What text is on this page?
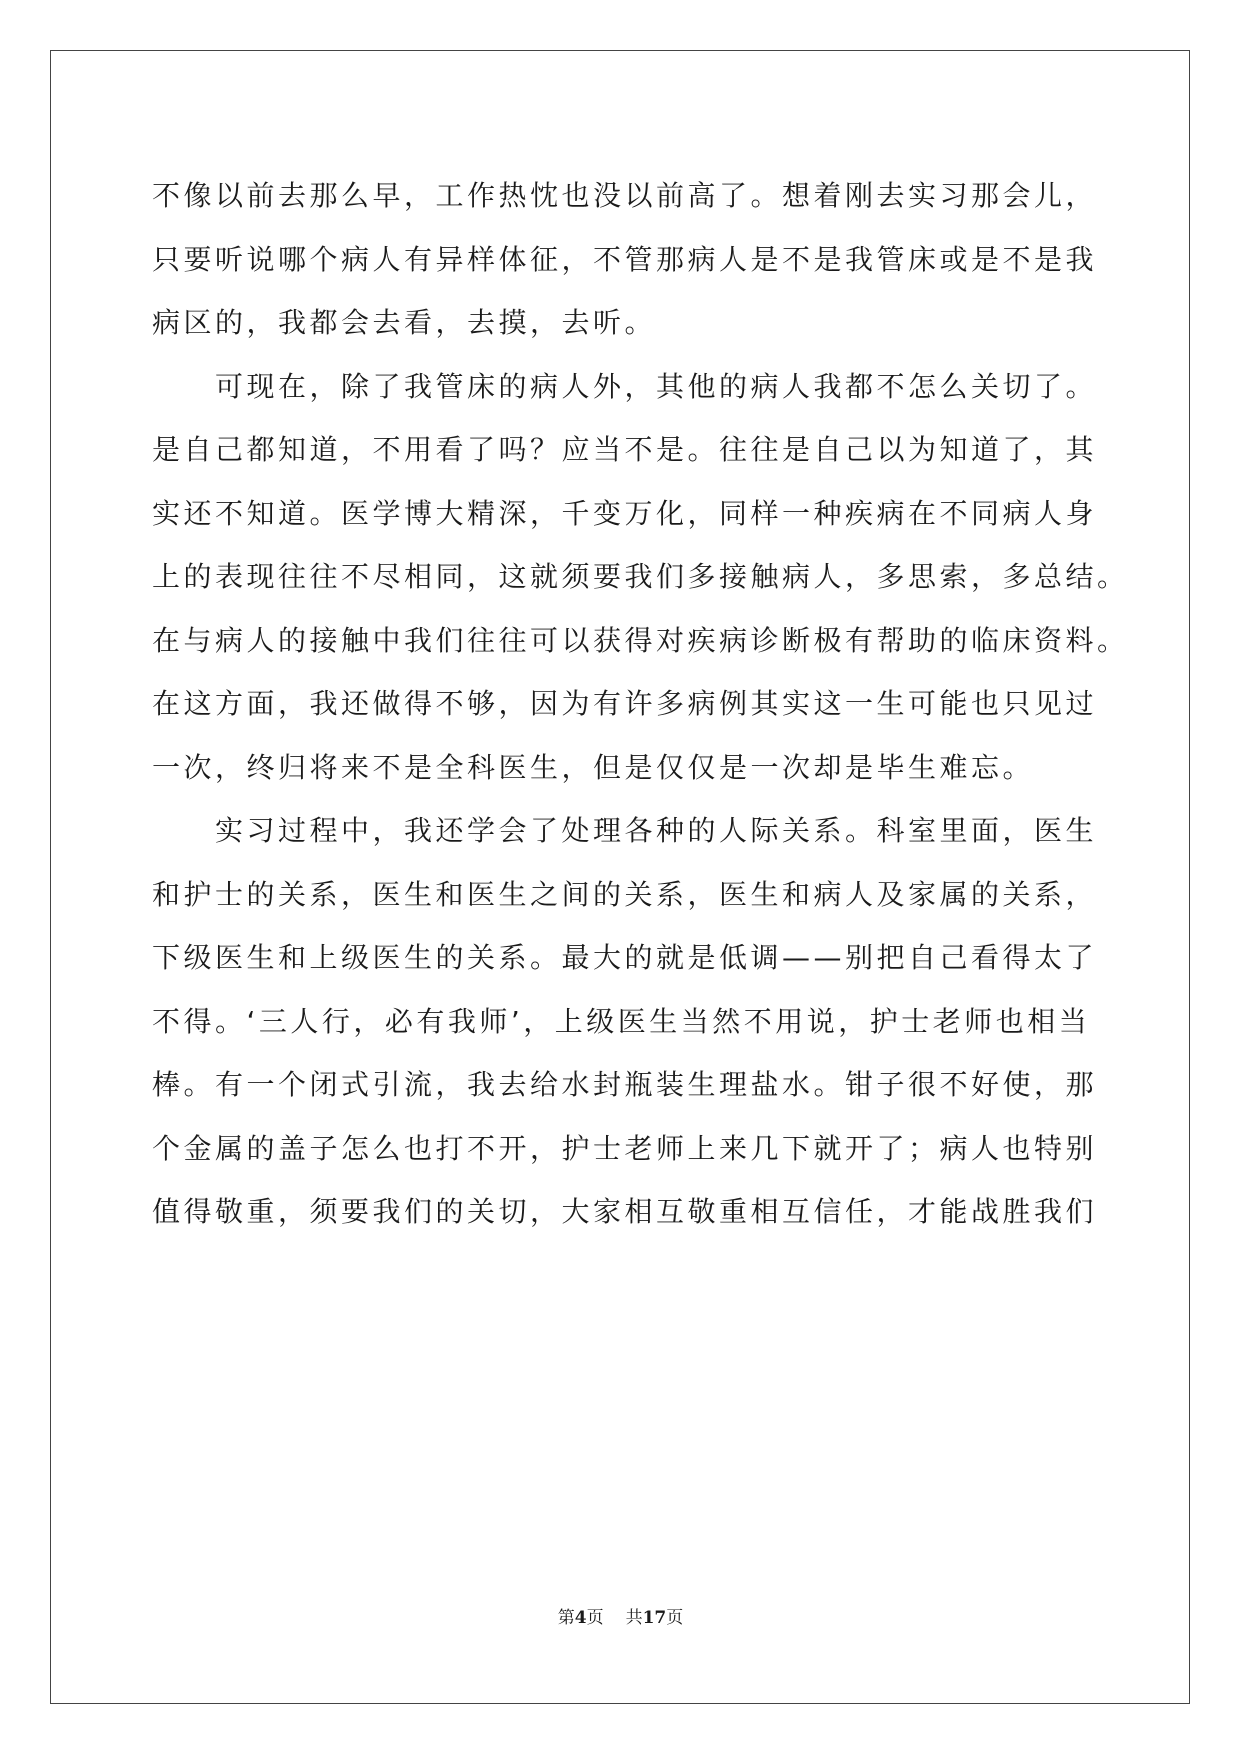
不像以前去那么早，工作热忱也没以前高了。想着刚去实习那会儿，
只要听说哪个病人有异样体征，不管那病人是不是我管床或是不是我
病区的，我都会去看，去摸，去听。
可现在，除了我管床的病人外，其他的病人我都不怎么关切了。
是自己都知道，不用看了吗？应当不是。往往是自己以为知道了，其
实还不知道。医学博大精深，千变万化，同样一种疾病在不同病人身
上的表现往往不尽相同，这就须要我们多接触病人，多思索，多总结。
在与病人的接触中我们往往可以获得对疾病诊断极有帮助的临床资料。
在这方面，我还做得不够，因为有许多病例其实这一生可能也只见过
一次，终归将来不是全科医生，但是仅仅是一次却是毕生难忘。
实习过程中，我还学会了处理各种的人际关系。科室里面，医生
和护士的关系，医生和医生之间的关系，医生和病人及家属的关系，
下级医生和上级医生的关系。最大的就是低调——别把自己看得太了
不得。‘三人行，必有我师’，上级医生当然不用说，护士老师也相当
棒。有一个闭式引流，我去给水封瓶装生理盐水。钳子很不好使，那
个金属的盖子怎么也打不开，护士老师上来几下就开了；病人也特别
值得敬重，须要我们的关切，大家相互敬重相互信任，才能战胜我们
第4页 共17页
